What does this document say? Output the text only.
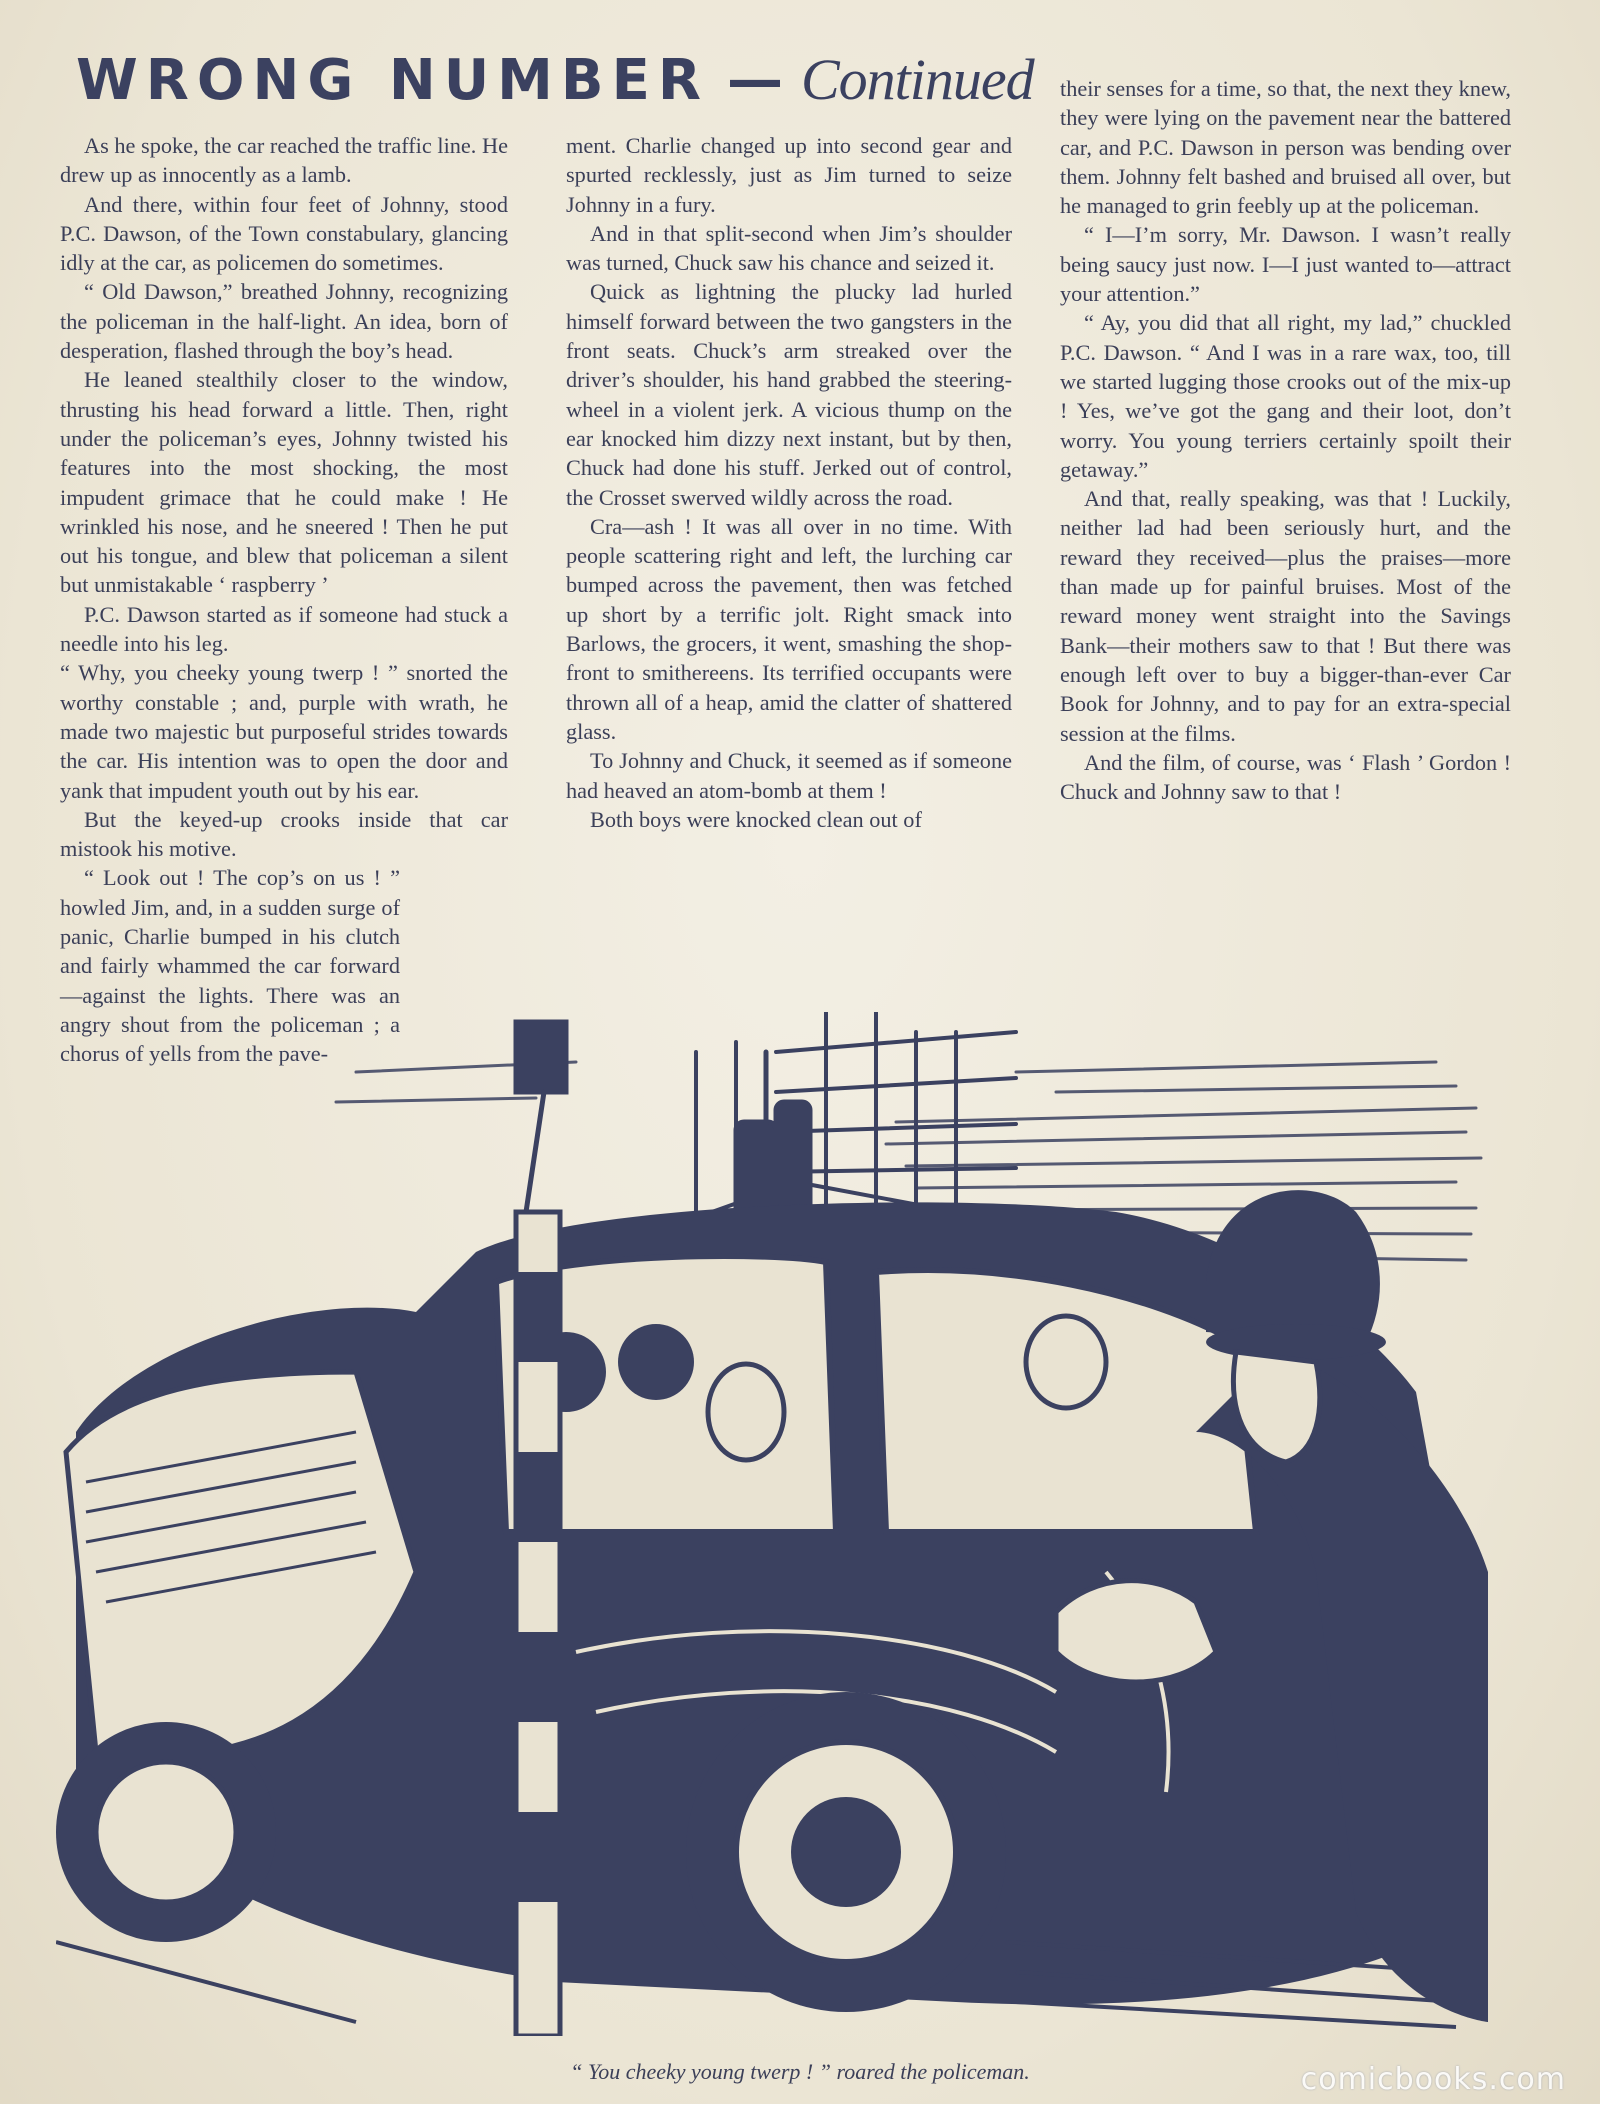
WRONG NUMBER — Continued

As he spoke, the car reached the traffic line. He drew up as innocently as a lamb.

And there, within four feet of Johnny, stood P.C. Dawson, of the Town constabulary, glancing idly at the car, as policemen do sometimes.

“ Old Dawson,” breathed Johnny, recognizing the policeman in the half-light. An idea, born of desperation, flashed through the boy’s head.

He leaned stealthily closer to the window, thrusting his head forward a little. Then, right under the policeman’s eyes, Johnny twisted his features into the most shocking, the most impudent grimace that he could make ! He wrinkled his nose, and he sneered ! Then he put out his tongue, and blew that policeman a silent but unmistakable ‘ raspberry ’

P.C. Dawson started as if someone had stuck a needle into his leg.

“ Why, you cheeky young twerp ! ” snorted the worthy constable ; and, purple with wrath, he made two majestic but purposeful strides towards the car. His intention was to open the door and yank that impudent youth out by his ear.

But the keyed-up crooks inside that car mistook his motive.

“ Look out ! The cop’s on us ! ” howled Jim, and, in a sudden surge of panic, Charlie bumped in his clutch and fairly whammed the car forward—against the lights. There was an angry shout from the policeman ; a chorus of yells from the pave-

ment. Charlie changed up into second gear and spurted recklessly, just as Jim turned to seize Johnny in a fury.

And in that split-second when Jim’s shoulder was turned, Chuck saw his chance and seized it.

Quick as lightning the plucky lad hurled himself forward between the two gangsters in the front seats. Chuck’s arm streaked over the driver’s shoulder, his hand grabbed the steering-wheel in a violent jerk. A vicious thump on the ear knocked him dizzy next instant, but by then, Chuck had done his stuff. Jerked out of control, the Crosset swerved wildly across the road.

Cra—ash ! It was all over in no time. With people scattering right and left, the lurching car bumped across the pavement, then was fetched up short by a terrific jolt. Right smack into Barlows, the grocers, it went, smashing the shop-front to smithereens. Its terrified occupants were thrown all of a heap, amid the clatter of shattered glass.

To Johnny and Chuck, it seemed as if someone had heaved an atom-bomb at them !

Both boys were knocked clean out of

their senses for a time, so that, the next they knew, they were lying on the pavement near the battered car, and P.C. Dawson in person was bending over them. Johnny felt bashed and bruised all over, but he managed to grin feebly up at the policeman.

“ I—I’m sorry, Mr. Dawson. I wasn’t really being saucy just now. I—I just wanted to—attract your attention.”

“ Ay, you did that all right, my lad,” chuckled P.C. Dawson. “ And I was in a rare wax, too, till we started lugging those crooks out of the mix-up ! Yes, we’ve got the gang and their loot, don’t worry. You young terriers certainly spoilt their getaway.”

And that, really speaking, was that ! Luckily, neither lad had been seriously hurt, and the reward they received—plus the praises—more than made up for painful bruises. Most of the reward money went straight into the Savings Bank—their mothers saw to that ! But there was enough left over to buy a bigger-than-ever Car Book for Johnny, and to pay for an extra-special session at the films.

And the film, of course, was ‘ Flash ’ Gordon ! Chuck and Johnny saw to that !

“ You cheeky young twerp ! ” roared the policeman.	comicbooks.com
